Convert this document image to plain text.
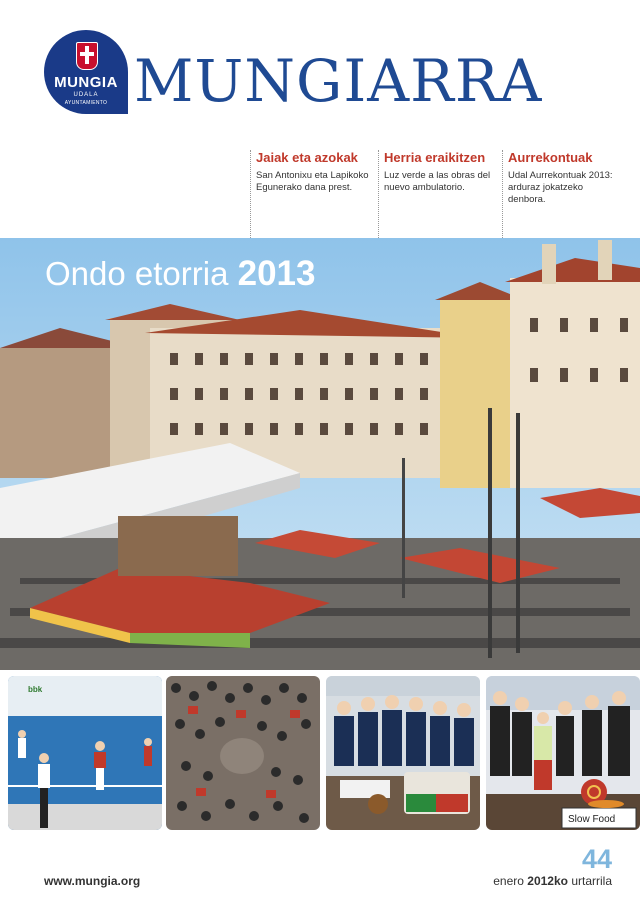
MUNGIA
UDALA
AYUNTAMIENTO MUNGIARRA
Jaiak eta azokak
San Antonixu eta Lapikoko Egunerako dana prest.
Herria eraikitzen
Luz verde a las obras del nuevo ambulatorio.
Aurrekontuak
Udal Aurrekontuak 2013: arduraz jokatzeko denbora.
Ondo etorria 2013
bbk
Slow Food
www.mungia.org
44
enero 2012ko urtarrila
